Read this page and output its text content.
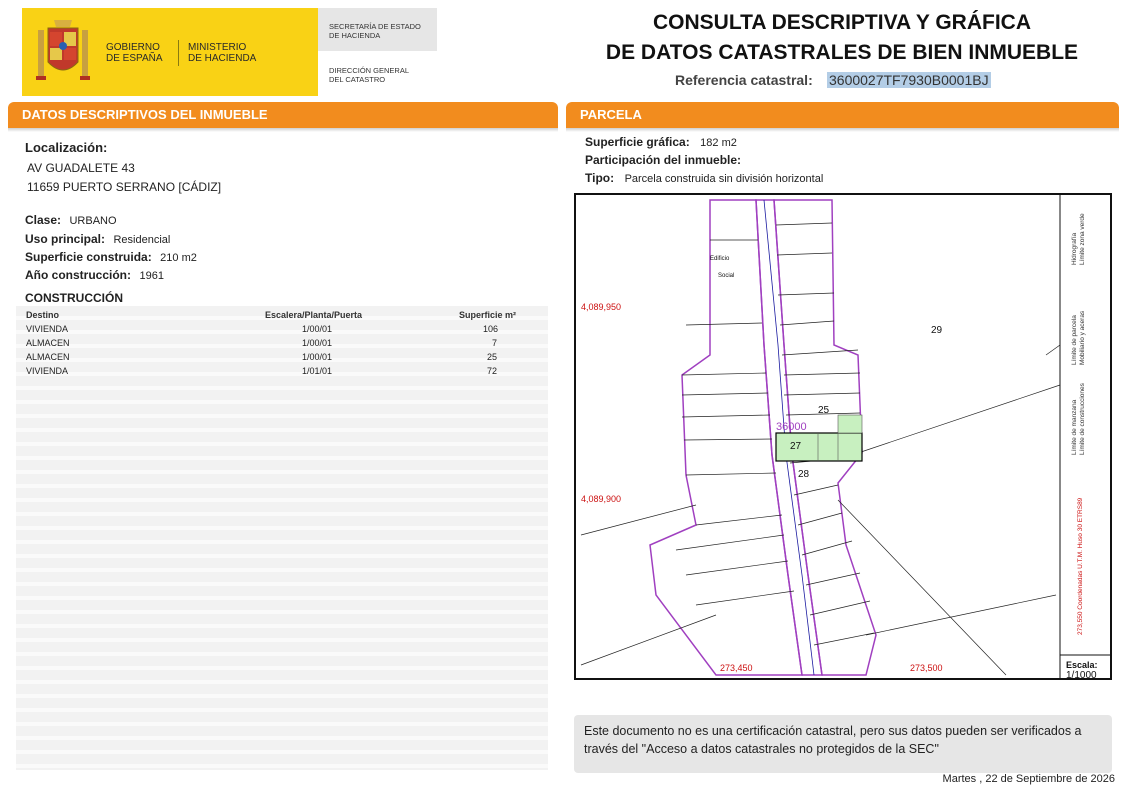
GOBIERNO
DE ESPAÑA
MINISTERIO
DE HACIENDA
SECRETARÍA DE ESTADO
DE HACIENDA
DIRECCIÓN GENERAL
DEL CATASTRO
CONSULTA DESCRIPTIVA Y GRÁFICA
DE DATOS CATASTRALES DE BIEN INMUEBLE
Referencia catastral: 3600027TF7930B0001BJ
DATOS DESCRIPTIVOS DEL INMUEBLE
Localización:
AV GUADALETE 43
11659 PUERTO SERRANO [CÁDIZ]
Clase: URBANO
Uso principal: Residencial
Superficie construida: 210 m2
Año construcción: 1961
CONSTRUCCIÓN
Destino	Escalera/Planta/Puerta	Superficie m²
VIVIENDA	1/00/01	106
ALMACEN	1/00/01	7
ALMACEN	1/00/01	25
VIVIENDA	1/01/01	72
PARCELA
Superficie gráfica: 182 m2
Participación del inmueble:
Tipo: Parcela construida sin división horizontal
4,089,950
4,089,900
273,450	273,500
Edificio
Social
29
25
27
28
36000	Límite de manzana Límite de construcciones
Límite de parcela Mobiliario y aceras
Hidrografía Límite zona verde
273,550 Coordenadas U.T.M. Huso 30 ETRS89
Escala:
1/1000
Este documento no es una certificación catastral, pero sus datos pueden ser verificados a través del "Acceso a datos catastrales no protegidos de la SEC"
Martes , 22 de Septiembre de 2026
